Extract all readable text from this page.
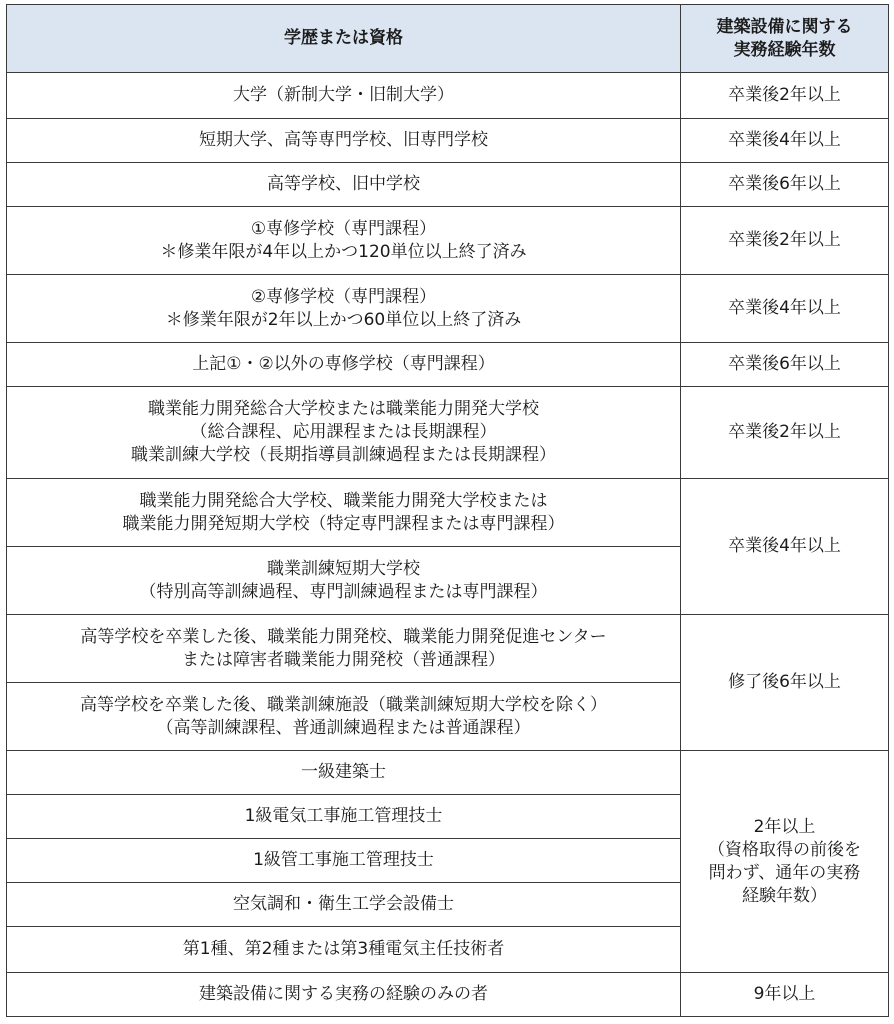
学歴または資格	建築設備に関する
実務経験年数

大学（新制大学・旧制大学）	卒業後2年以上

短期大学、高等専門学校、旧専門学校	卒業後4年以上

高等学校、旧中学校	卒業後6年以上

①専修学校（専門課程）
＊修業年限が4年以上かつ120単位以上終了済み	卒業後2年以上

②専修学校（専門課程）
＊修業年限が2年以上かつ60単位以上終了済み	卒業後4年以上

上記①・②以外の専修学校（専門課程）	卒業後6年以上

職業能力開発総合大学校または職業能力開発大学校
（総合課程、応用課程または長期課程）
職業訓練大学校（長期指導員訓練過程または長期課程）	卒業後2年以上

職業能力開発総合大学校、職業能力開発大学校または
職業能力開発短期大学校（特定専門課程または専門課程）	卒業後4年以上

職業訓練短期大学校
（特別高等訓練過程、専門訓練過程または専門課程）	

高等学校を卒業した後、職業能力開発校、職業能力開発促進センター
または障害者職業能力開発校（普通課程）	修了後6年以上

高等学校を卒業した後、職業訓練施設（職業訓練短期大学校を除く）
（高等訓練課程、普通訓練過程または普通課程）	

一級建築士	2年以上
（資格取得の前後を
問わず、通年の実務
経験年数）

1級電気工事施工管理技士	

1級管工事施工管理技士	

空気調和・衛生工学会設備士	

第1種、第2種または第3種電気主任技術者	

建築設備に関する実務の経験のみの者	9年以上
